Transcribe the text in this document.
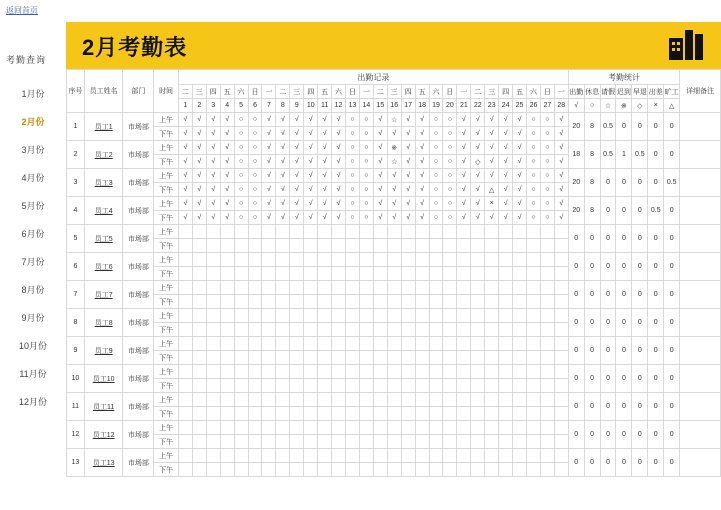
返回首页
考勤查询
1月份
2月份
3月份
4月份
5月份
6月份
7月份
8月份
9月份
10月份
11月份
12月份
2月考勤表
序号	员工姓名	部门	时间	出勤记录																												考勤统计							详细备注
				二	三	四	五	六	日	一	二	三	四	五	六	日	一	二	三	四	五	六	日	一	二	三	四	五	六	日	一	出勤	休息	请假	迟到	早退	出差	旷工	
				1	2	3	4	5	6	7	8	9	10	11	12	13	14	15	16	17	18	19	20	21	22	23	24	25	26	27	28	√	○	☆	※	◇	×	△	
1	员工1	市场部	上午	√	√	√	√	○	○	√	√	√	√	√	√	○	○	√	☆	√	√	○	○	√	√	√	√	√	○	○	√	20	8	0.5	0	0	0	0	
			下午	√	√	√	√	○	○	√	√	√	√	√	√	○	○	√	√	√	√	○	○	√	√	√	√	√	○	○	√								
2	员工2	市场部	上午	√	√	√	√	○	○	√	√	√	√	√	√	○	○	√	※	√	√	○	○	√	√	√	√	√	○	○	√	18	8	0.5	1	0.5	0	0	
			下午	√	√	√	√	○	○	√	√	√	√	√	√	○	○	√	☆	√	√	○	○	√	◇	√	√	√	○	○	√								
3	员工3	市场部	上午	√	√	√	√	○	○	√	√	√	√	√	√	○	○	√	√	√	√	○	○	√	√	√	√	√	○	○	√	20	8	0	0	0	0	0.5	
			下午	√	√	√	√	○	○	√	√	√	√	√	√	○	○	√	√	√	√	○	○	√	√	△	√	√	○	○	√								
4	员工4	市场部	上午	√	√	√	√	○	○	√	√	√	√	√	√	○	○	√	√	√	√	○	○	√	√	×	√	√	○	○	√	20	8	0	0	0	0.5	0	
			下午	√	√	√	√	○	○	√	√	√	√	√	√	○	○	√	√	√	√	○	○	√	√	√	√	√	○	○	√								
5	员工5	市场部	上午																													0	0	0	0	0	0	0	
			下午																																				
6	员工6	市场部	上午																													0	0	0	0	0	0	0	
			下午																																				
7	员工7	市场部	上午																													0	0	0	0	0	0	0	
			下午																																				
8	员工8	市场部	上午																													0	0	0	0	0	0	0	
			下午																																				
9	员工9	市场部	上午																													0	0	0	0	0	0	0	
			下午																																				
10	员工10	市场部	上午																													0	0	0	0	0	0	0	
			下午																																				
11	员工11	市场部	上午																													0	0	0	0	0	0	0	
			下午																																				
12	员工12	市场部	上午																													0	0	0	0	0	0	0	
			下午																																				
13	员工13	市场部	上午																													0	0	0	0	0	0	0	
			下午																																				
